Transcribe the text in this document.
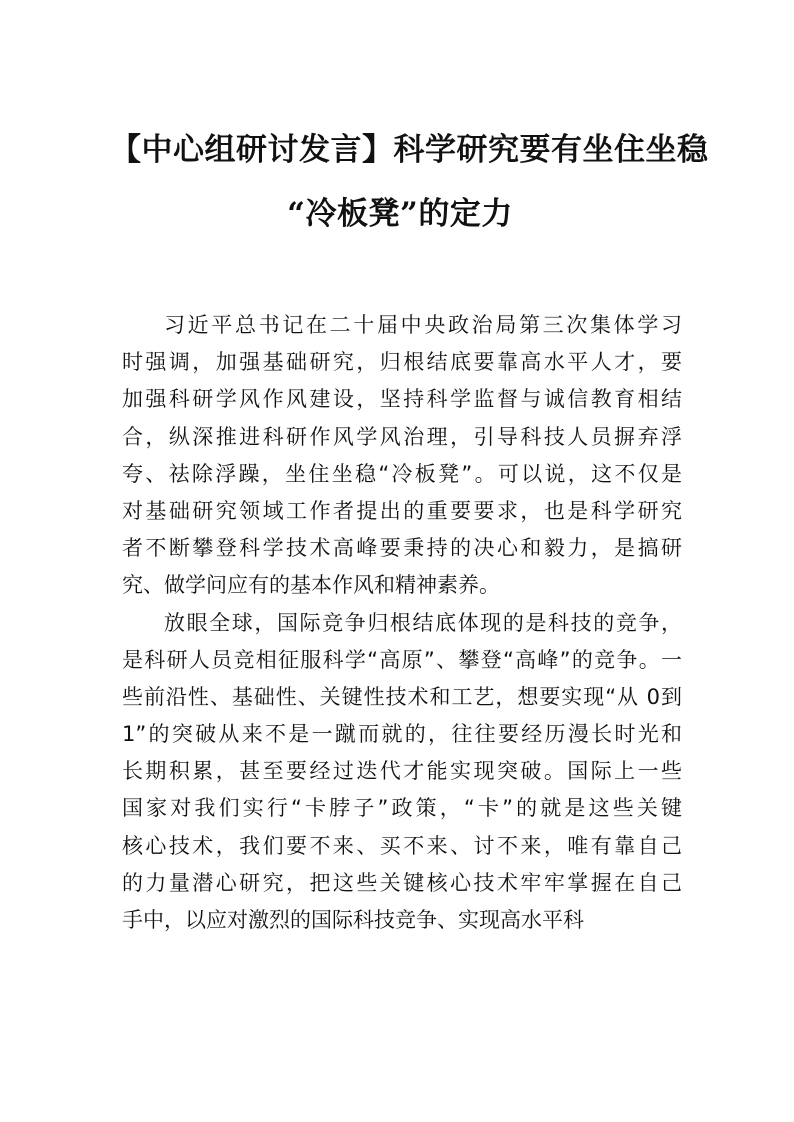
【中心组研讨发言】科学研究要有坐住坐稳
“冷板凳”的定力
习近平总书记在二十届中央政治局第三次集体学习
时强调，加强基础研究，归根结底要靠高水平人才，要
加强科研学风作风建设，坚持科学监督与诚信教育相结
合，纵深推进科研作风学风治理，引导科技人员摒弃浮
夸、祛除浮躁，坐住坐稳“冷板凳”。可以说，这不仅是
对基础研究领域工作者提出的重要要求，也是科学研究
者不断攀登科学技术高峰要秉持的决心和毅力，是搞研
究、做学问应有的基本作风和精神素养。
放眼全球，国际竞争归根结底体现的是科技的竞争，
是科研人员竞相征服科学“高原”、攀登“高峰”的竞争。一
些前沿性、基础性、关键性技术和工艺，想要实现“从 0到
1”的突破从来不是一蹴而就的，往往要经历漫长时光和
长期积累，甚至要经过迭代才能实现突破。国际上一些
国家对我们实行“卡脖子”政策，“卡”的就是这些关键
核心技术，我们要不来、买不来、讨不来，唯有靠自己
的力量潜心研究，把这些关键核心技术牢牢掌握在自己
手中，以应对激烈的国际科技竞争、实现高水平科
